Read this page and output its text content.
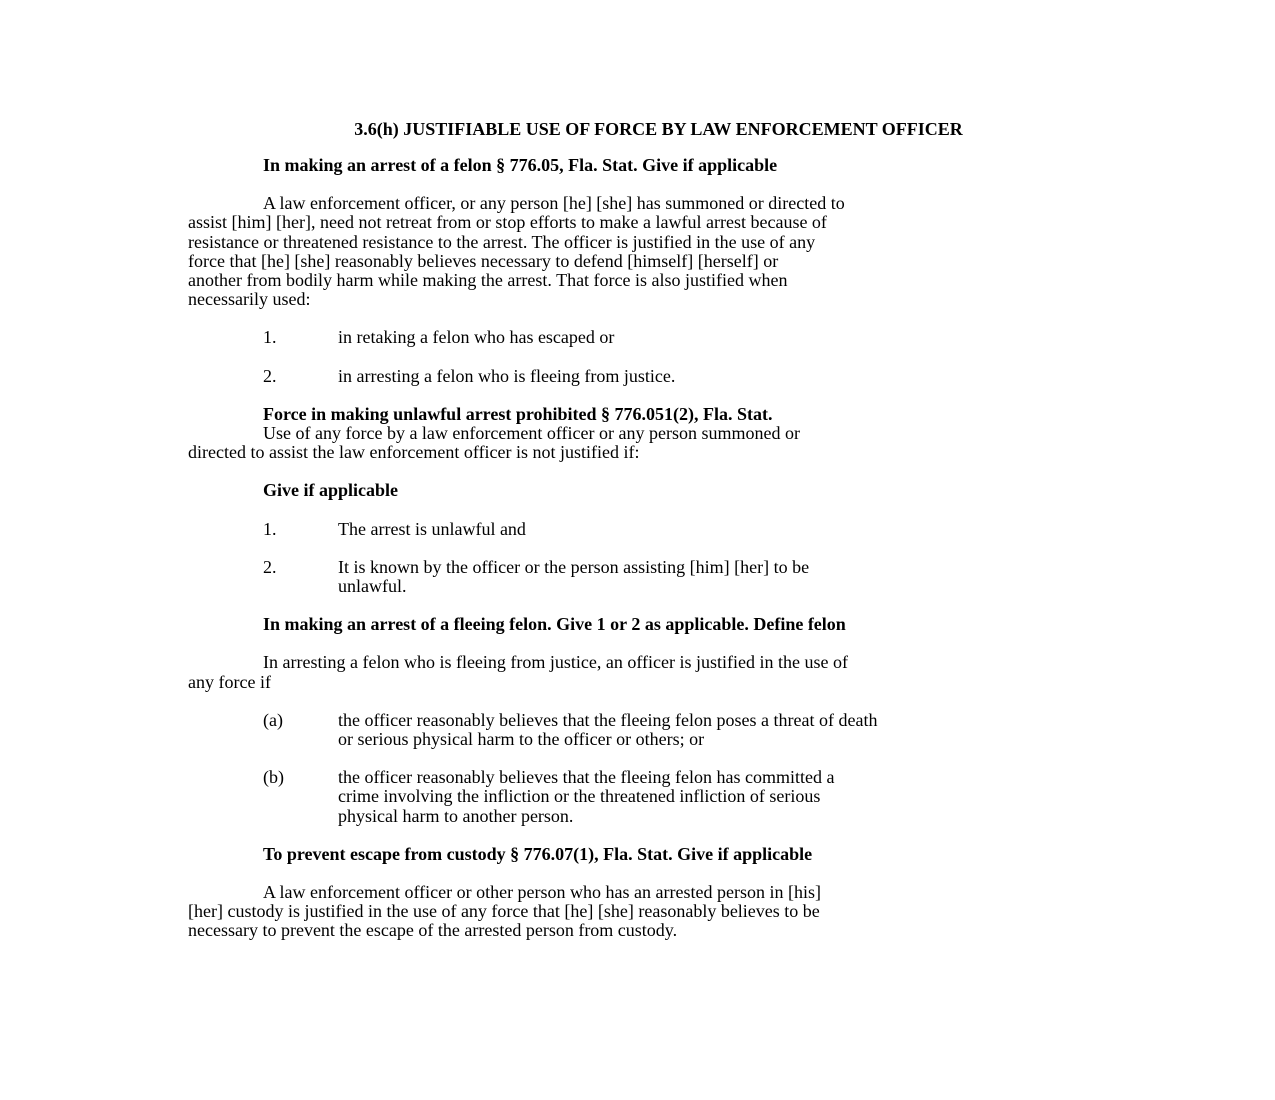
3.6(h) JUSTIFIABLE USE OF FORCE BY LAW ENFORCEMENT OFFICER
In making an arrest of a felon § 776.05, Fla. Stat. Give if applicable
A law enforcement officer, or any person [he] [she] has summoned or directed to
assist [him] [her], need not retreat from or stop efforts to make a lawful arrest because of
resistance or threatened resistance to the arrest. The officer is justified in the use of any
force that [he] [she] reasonably believes necessary to defend [himself] [herself] or
another from bodily harm while making the arrest. That force is also justified when
necessarily used:
1.	in retaking a felon who has escaped or
2.	in arresting a felon who is fleeing from justice.
Force in making unlawful arrest prohibited § 776.051(2), Fla. Stat.
Use of any force by a law enforcement officer or any person summoned or
directed to assist the law enforcement officer is not justified if:
Give if applicable
1.	The arrest is unlawful and
2.	It is known by the officer or the person assisting [him] [her] to be
unlawful.
In making an arrest of a fleeing felon. Give 1 or 2 as applicable. Define felon
In arresting a felon who is fleeing from justice, an officer is justified in the use of
any force if
(a)	the officer reasonably believes that the fleeing felon poses a threat of death
or serious physical harm to the officer or others; or
(b)	the officer reasonably believes that the fleeing felon has committed a
crime involving the infliction or the threatened infliction of serious
physical harm to another person.
To prevent escape from custody § 776.07(1), Fla. Stat. Give if applicable
A law enforcement officer or other person who has an arrested person in [his]
[her] custody is justified in the use of any force that [he] [she] reasonably believes to be
necessary to prevent the escape of the arrested person from custody.
